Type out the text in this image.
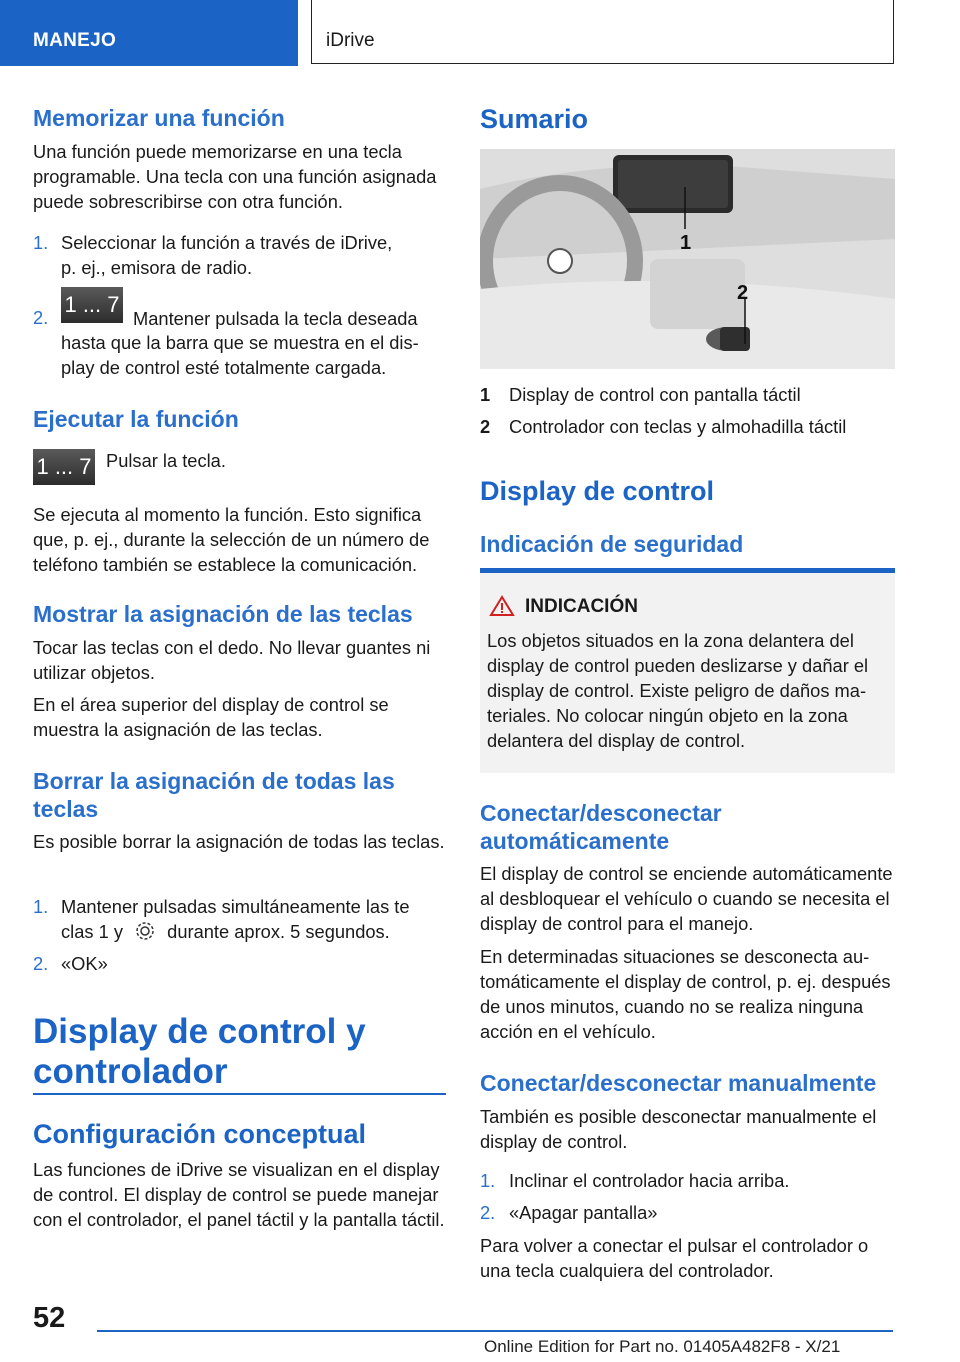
MANEJO	iDrive
Memorizar una función
Una función puede memorizarse en una tecla programable. Una tecla con una función asignada puede sobrescribirse con otra función.
1. Seleccionar la función a través de iDrive,
p. ej., emisora de radio.
2.
1 ... 7
Mantener pulsada la tecla deseada
hasta que la barra que se muestra en el display de control esté totalmente cargada.
Ejecutar la función
1 ... 7 Pulsar la tecla.
Se ejecuta al momento la función. Esto significa que, p. ej., durante la selección de un número de teléfono también se establece la comunicación.
Mostrar la asignación de las teclas
Tocar las teclas con el dedo. No llevar guantes ni utilizar objetos.
En el área superior del display de control se muestra la asignación de las teclas.
Borrar la asignación de todas las teclas
Es posible borrar la asignación de todas las teclas.
1. Mantener pulsadas simultáneamente las te
clas 1 y durante aprox. 5 segundos.
2. «OK»
Display de control y controlador
Configuración conceptual
Las funciones de iDrive se visualizan en el display de control. El display de control se puede manejar con el controlador, el panel táctil y la pantalla táctil.
Sumario
1
2
1 Display de control con pantalla táctil
2 Controlador con teclas y almohadilla táctil
Display de control
Indicación de seguridad
INDICACIÓN
Los objetos situados en la zona delantera del display de control pueden deslizarse y dañar el display de control. Existe peligro de daños materiales. No colocar ningún objeto en la zona delantera del display de control.
Conectar/desconectar automáticamente
El display de control se enciende automáticamente al desbloquear el vehículo o cuando se necesita el display de control para el manejo.
En determinadas situaciones se desconecta automáticamente el display de control, p. ej. después de unos minutos, cuando no se realiza ninguna acción en el vehículo.
Conectar/desconectar manualmente
También es posible desconectar manualmente el display de control.
1. Inclinar el controlador hacia arriba.
2. «Apagar pantalla»
Para volver a conectar el pulsar el controlador o una tecla cualquiera del controlador.
52
Online Edition for Part no. 01405A482F8 - X/21
